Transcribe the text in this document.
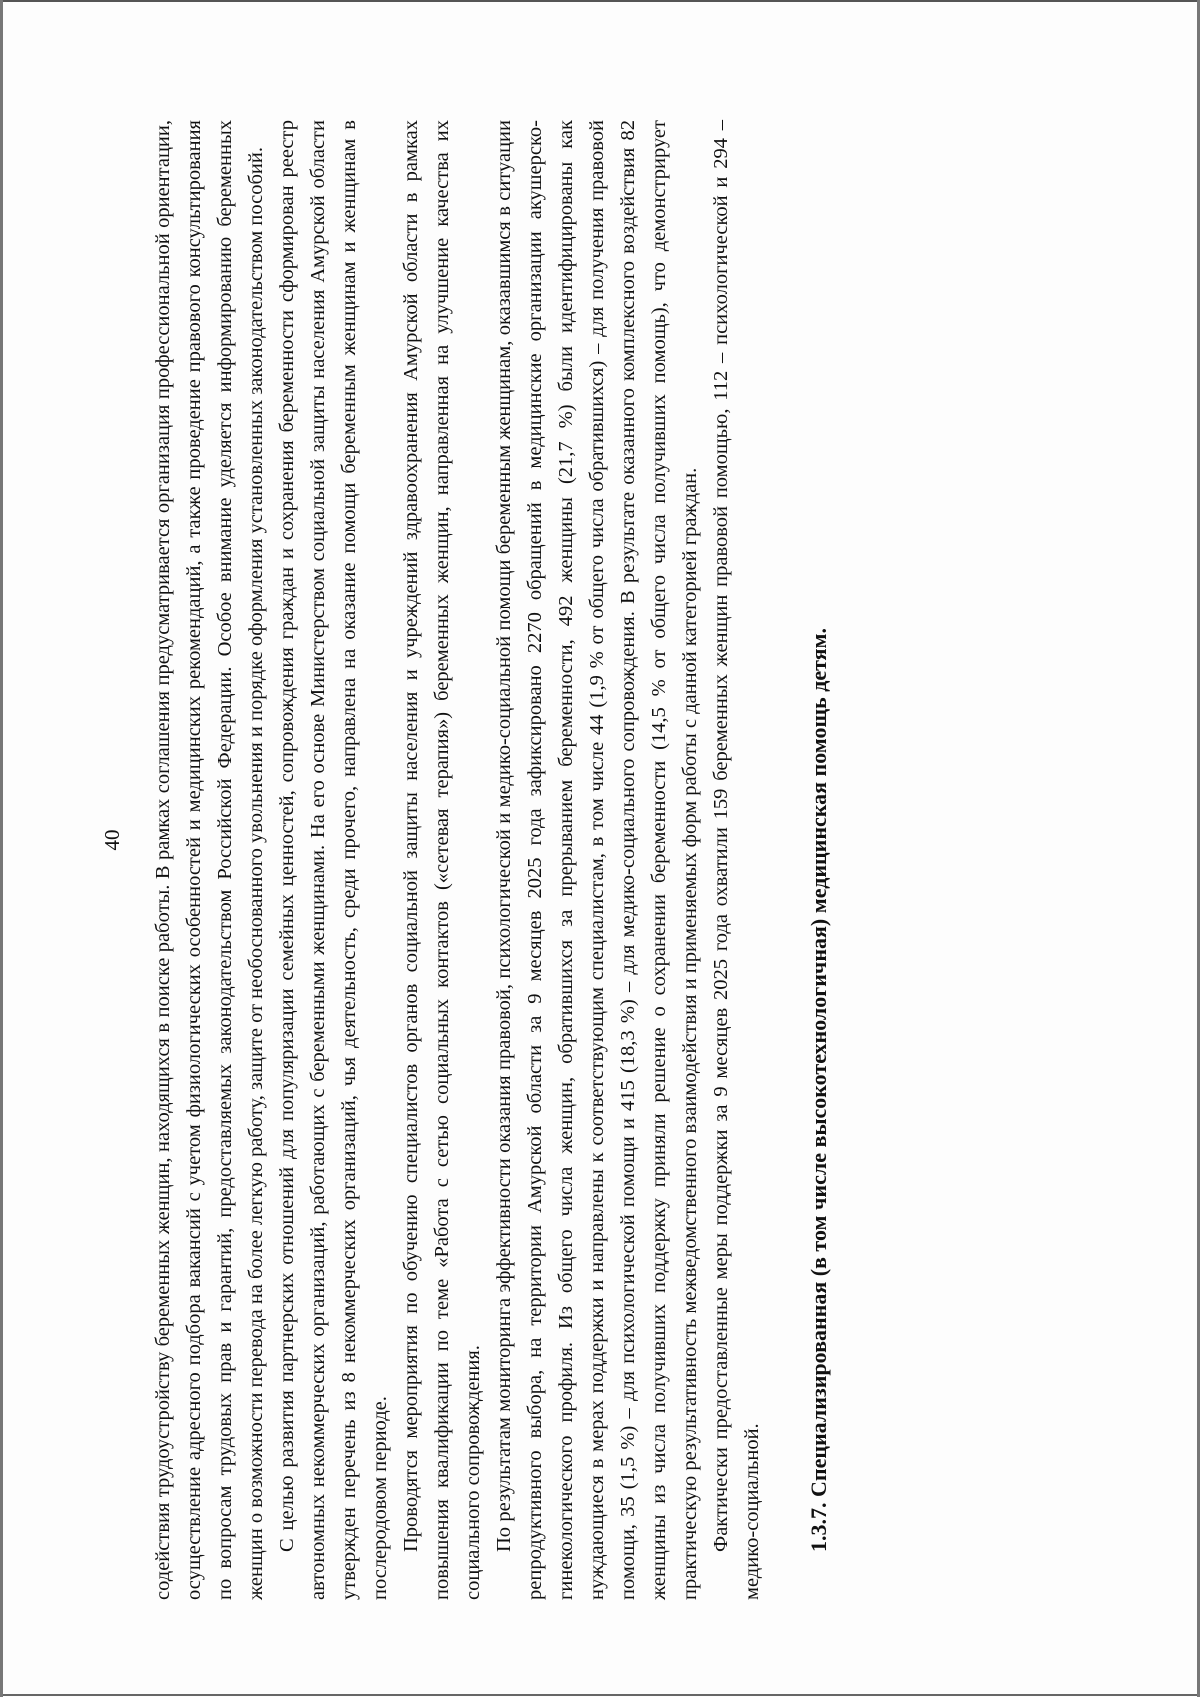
40 содействия трудоустройству беременных женщин, находящихся в поиске работы. В рамках соглашения предусматривается организация профессиональной ориентации, осуществление адресного подбора вакансий с учетом физиологических особенностей и медицинских рекомендаций, а также проведение правового консультирования по вопросам трудовых прав и гарантий, предоставляемых законодательством Российской Федерации. Особое внимание уделяется информированию беременных женщин о возможности перевода на более легкую работу, защите от необоснованного увольнения и порядке оформления установленных законодательством пособий. С целью развития партнерских отношений для популяризации семейных ценностей, сопровождения граждан и сохранения беременности сформирован реестр автономных некоммерческих организаций, работающих с беременными женщинами. На его основе Министерством социальной защиты населения Амурской области утвержден перечень из 8 некоммерческих организаций, чья деятельность, среди прочего, направлена на оказание помощи беременным женщинам и женщинам в послеродовом периоде. Проводятся мероприятия по обучению специалистов органов социальной защиты населения и учреждений здравоохранения Амурской области в рамках повышения квалификации по теме «Работа с сетью социальных контактов («сетевая терапия») беременных женщин, направленная на улучшение качества их социального сопровождения. По результатам мониторинга эффективности оказания правовой, психологической и медико-социальной помощи беременным женщинам, оказавшимся в ситуации репродуктивного выбора, на территории Амурской области за 9 месяцев 2025 года зафиксировано 2270 обращений в медицинские организации акушерско-гинекологического профиля. Из общего числа женщин, обратившихся за прерыванием беременности, 492 женщины (21,7 %) были идентифицированы как нуждающиеся в мерах поддержки и направлены к соответствующим специалистам, в том числе 44 (1,9 % от общего числа обратившихся) – для получения правовой помощи, 35 (1,5 %) – для психологической помощи и 415 (18,3 %) – для медико-социального сопровождения. В результате оказанного комплексного воздействия 82 женщины из числа получивших поддержку приняли решение о сохранении беременности (14,5 % от общего числа получивших помощь), что демонстрирует практическую результативность межведомственного взаимодействия и применяемых форм работы с данной категорией граждан. Фактически предоставленные меры поддержки за 9 месяцев 2025 года охватили 159 беременных женщин правовой помощью, 112 – психологической и 294 – медико-социальной.	1.3.7. Специализированная (в том числе высокотехнологичная) медицинская помощь детям.
